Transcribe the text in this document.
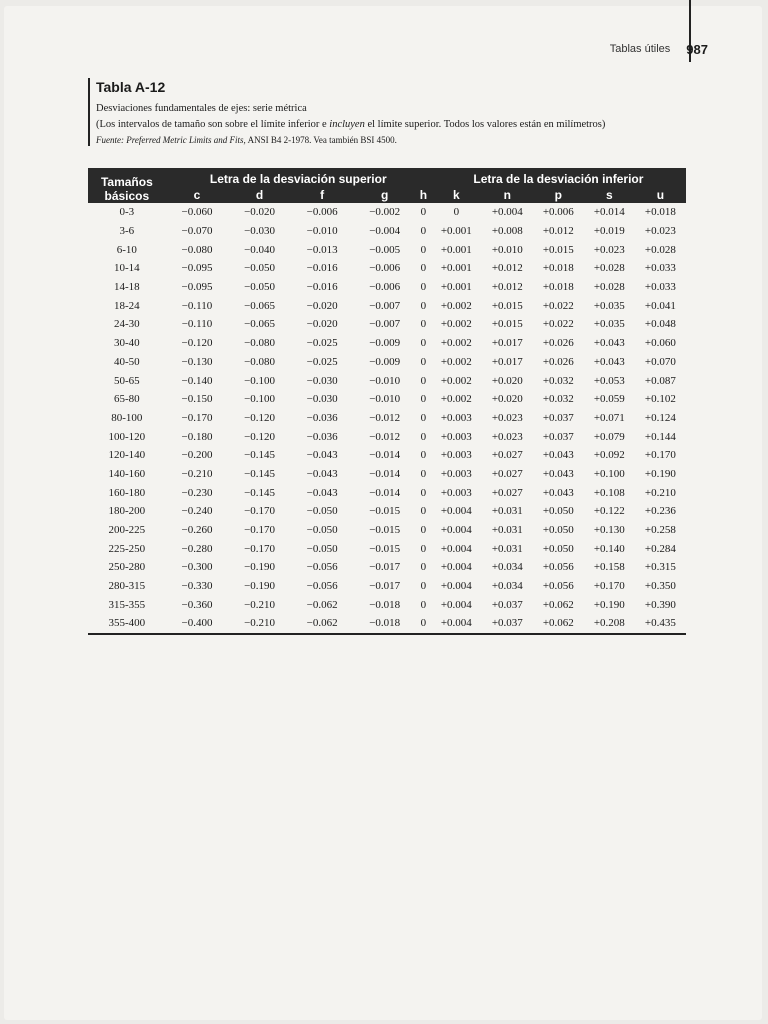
Tablas útiles 987
Tabla A-12
Desviaciones fundamentales de ejes: serie métrica
(Los intervalos de tamaño son sobre el límite inferior e incluyen el límite superior. Todos los valores están en milímetros)
Fuente: Preferred Metric Limits and Fits, ANSI B4 2-1978. Vea también BSI 4500.
Tamaños
básicos	Letra de la desviación superior					Letra de la desviación inferior				
	c	d	f	g	h	k	n	p	s	u
0-3	−0.060	−0.020	−0.006	−0.002	0	0	+0.004	+0.006	+0.014	+0.018
3-6	−0.070	−0.030	−0.010	−0.004	0	+0.001	+0.008	+0.012	+0.019	+0.023
6-10	−0.080	−0.040	−0.013	−0.005	0	+0.001	+0.010	+0.015	+0.023	+0.028
10-14	−0.095	−0.050	−0.016	−0.006	0	+0.001	+0.012	+0.018	+0.028	+0.033
14-18	−0.095	−0.050	−0.016	−0.006	0	+0.001	+0.012	+0.018	+0.028	+0.033
18-24	−0.110	−0.065	−0.020	−0.007	0	+0.002	+0.015	+0.022	+0.035	+0.041
24-30	−0.110	−0.065	−0.020	−0.007	0	+0.002	+0.015	+0.022	+0.035	+0.048
30-40	−0.120	−0.080	−0.025	−0.009	0	+0.002	+0.017	+0.026	+0.043	+0.060
40-50	−0.130	−0.080	−0.025	−0.009	0	+0.002	+0.017	+0.026	+0.043	+0.070
50-65	−0.140	−0.100	−0.030	−0.010	0	+0.002	+0.020	+0.032	+0.053	+0.087
65-80	−0.150	−0.100	−0.030	−0.010	0	+0.002	+0.020	+0.032	+0.059	+0.102
80-100	−0.170	−0.120	−0.036	−0.012	0	+0.003	+0.023	+0.037	+0.071	+0.124
100-120	−0.180	−0.120	−0.036	−0.012	0	+0.003	+0.023	+0.037	+0.079	+0.144
120-140	−0.200	−0.145	−0.043	−0.014	0	+0.003	+0.027	+0.043	+0.092	+0.170
140-160	−0.210	−0.145	−0.043	−0.014	0	+0.003	+0.027	+0.043	+0.100	+0.190
160-180	−0.230	−0.145	−0.043	−0.014	0	+0.003	+0.027	+0.043	+0.108	+0.210
180-200	−0.240	−0.170	−0.050	−0.015	0	+0.004	+0.031	+0.050	+0.122	+0.236
200-225	−0.260	−0.170	−0.050	−0.015	0	+0.004	+0.031	+0.050	+0.130	+0.258
225-250	−0.280	−0.170	−0.050	−0.015	0	+0.004	+0.031	+0.050	+0.140	+0.284
250-280	−0.300	−0.190	−0.056	−0.017	0	+0.004	+0.034	+0.056	+0.158	+0.315
280-315	−0.330	−0.190	−0.056	−0.017	0	+0.004	+0.034	+0.056	+0.170	+0.350
315-355	−0.360	−0.210	−0.062	−0.018	0	+0.004	+0.037	+0.062	+0.190	+0.390
355-400	−0.400	−0.210	−0.062	−0.018	0	+0.004	+0.037	+0.062	+0.208	+0.435
